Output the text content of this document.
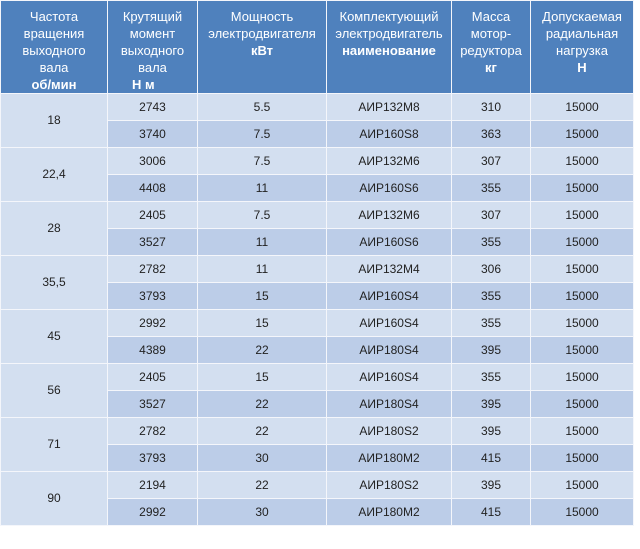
Частота
вращения
выходного
вала
об/мин	Крутящий
момент
выходного
вала
Н м	Мощность
электродвигателя
кВт	Комплектующий
электродвигатель
наименование	Масса
мотор-
редуктора
кг	Допускаемая
радиальная
нагрузка
Н

18	2743	5.5	АИР132М8	310	15000
	3740	7.5	АИР160S8	363	15000
22,4	3006	7.5	АИР132М6	307	15000
	4408	11	АИР160S6	355	15000
28	2405	7.5	АИР132М6	307	15000
	3527	11	АИР160S6	355	15000
35,5	2782	11	АИР132М4	306	15000
	3793	15	АИР160S4	355	15000
45	2992	15	АИР160S4	355	15000
	4389	22	АИР180S4	395	15000
56	2405	15	АИР160S4	355	15000
	3527	22	АИР180S4	395	15000
71	2782	22	АИР180S2	395	15000
	3793	30	АИР180М2	415	15000
90	2194	22	АИР180S2	395	15000
	2992	30	АИР180М2	415	15000
